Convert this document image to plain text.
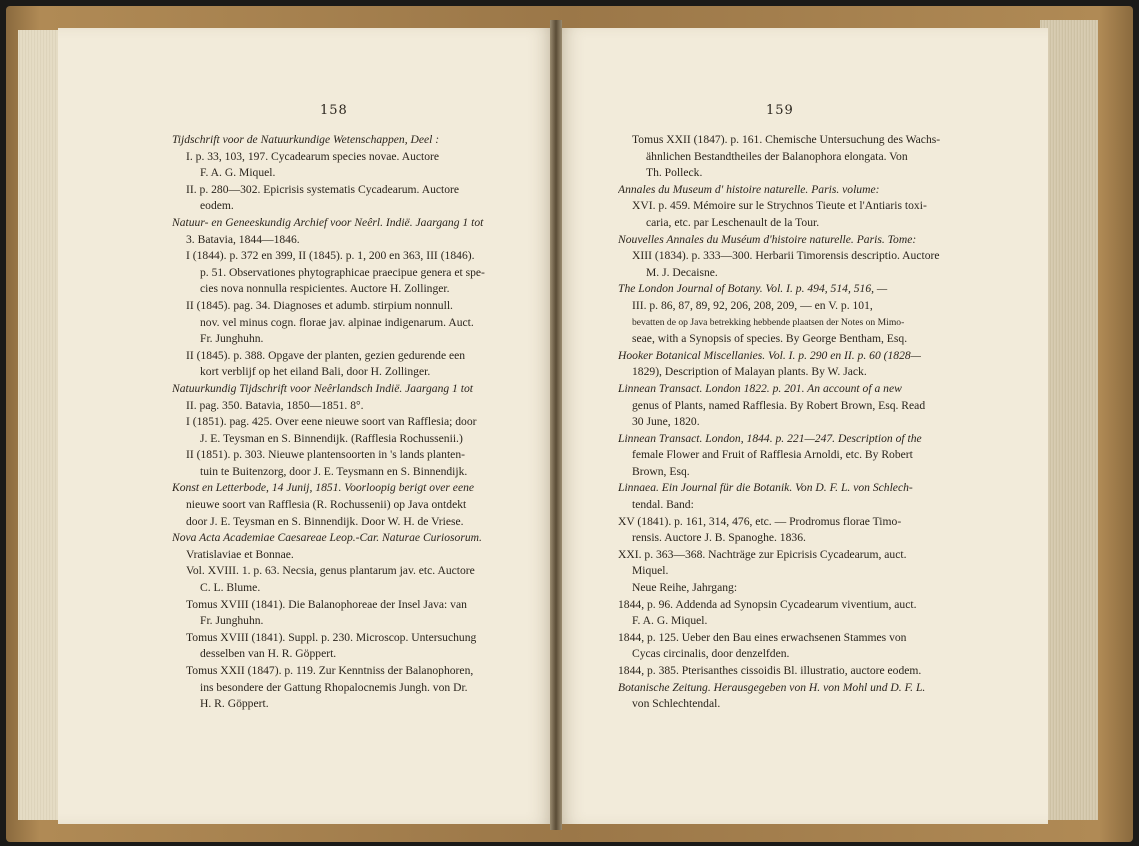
158

Tijdschrift voor de Natuurkundige Wetenschappen, Deel :

I. p. 33, 103, 197. Cycadearum species novae. Auctore

F. A. G. Miquel.

II. p. 280—302. Epicrisis systematis Cycadearum. Auctore

eodem.

Natuur- en Geneeskundig Archief voor Neêrl. Indië. Jaargang 1 tot

3. Batavia, 1844—1846.

I (1844). p. 372 en 399, II (1845). p. 1, 200 en 363, III (1846).

p. 51. Observationes phytographicae praecipue genera et spe-

cies nova nonnulla respicientes. Auctore H. Zollinger.

II (1845). pag. 34. Diagnoses et adumb. stirpium nonnull.

nov. vel minus cogn. florae jav. alpinae indigenarum. Auct.

Fr. Junghuhn.

II (1845). p. 388. Opgave der planten, gezien gedurende een

kort verblijf op het eiland Bali, door H. Zollinger.

Natuurkundig Tijdschrift voor Neêrlandsch Indië. Jaargang 1 tot

II. pag. 350. Batavia, 1850—1851. 8°.

I (1851). pag. 425. Over eene nieuwe soort van Rafflesia; door

J. E. Teysman en S. Binnendijk. (Rafflesia Rochussenii.)

II (1851). p. 303. Nieuwe plantensoorten in 's lands planten-

tuin te Buitenzorg, door J. E. Teysmann en S. Binnendijk.

Konst en Letterbode, 14 Junij, 1851. Voorloopig berigt over eene

nieuwe soort van Rafflesia (R. Rochussenii) op Java ontdekt

door J. E. Teysman en S. Binnendijk. Door W. H. de Vriese.

Nova Acta Academiae Caesareae Leop.-Car. Naturae Curiosorum.

Vratislaviae et Bonnae.

Vol. XVIII. 1. p. 63. Necsia, genus plantarum jav. etc. Auctore

C. L. Blume.

Tomus XVIII (1841). Die Balanophoreae der Insel Java: van

Fr. Junghuhn.

Tomus XVIII (1841). Suppl. p. 230. Microscop. Untersuchung

desselben van H. R. Göppert.

Tomus XXII (1847). p. 119. Zur Kenntniss der Balanophoren,

ins besondere der Gattung Rhopalocnemis Jungh. von Dr.

H. R. Göppert.

159

Tomus XXII (1847). p. 161. Chemische Untersuchung des Wachs-

ähnlichen Bestandtheiles der Balanophora elongata. Von

Th. Polleck.

Annales du Museum d' histoire naturelle. Paris. volume:

XVI. p. 459. Mémoire sur le Strychnos Tieute et l'Antiaris toxi-

caria, etc. par Leschenault de la Tour.

Nouvelles Annales du Muséum d'histoire naturelle. Paris. Tome:

XIII (1834). p. 333—300. Herbarii Timorensis descriptio. Auctore

M. J. Decaisne.

The London Journal of Botany. Vol. I. p. 494, 514, 516, —

III. p. 86, 87, 89, 92, 206, 208, 209, — en V. p. 101,

bevatten de op Java betrekking hebbende plaatsen der Notes on Mimo-

seae, with a Synopsis of species. By George Bentham, Esq.

Hooker Botanical Miscellanies. Vol. I. p. 290 en II. p. 60 (1828—

1829), Description of Malayan plants. By W. Jack.

Linnean Transact. London 1822. p. 201. An account of a new

genus of Plants, named Rafflesia. By Robert Brown, Esq. Read

30 June, 1820.

Linnean Transact. London, 1844. p. 221—247. Description of the

female Flower and Fruit of Rafflesia Arnoldi, etc. By Robert

Brown, Esq.

Linnaea. Ein Journal für die Botanik. Von D. F. L. von Schlech-

tendal. Band:

XV (1841). p. 161, 314, 476, etc. — Prodromus florae Timo-

rensis. Auctore J. B. Spanoghe. 1836.

XXI. p. 363—368. Nachträge zur Epicrisis Cycadearum, auct.

Miquel.

Neue Reihe, Jahrgang:

1844, p. 96. Addenda ad Synopsin Cycadearum viventium, auct.

F. A. G. Miquel.

1844, p. 125. Ueber den Bau eines erwachsenen Stammes von

Cycas circinalis, door denzelfden.

1844, p. 385. Pterisanthes cissoidis Bl. illustratio, auctore eodem.

Botanische Zeitung. Herausgegeben von H. von Mohl und D. F. L.

von Schlechtendal.
